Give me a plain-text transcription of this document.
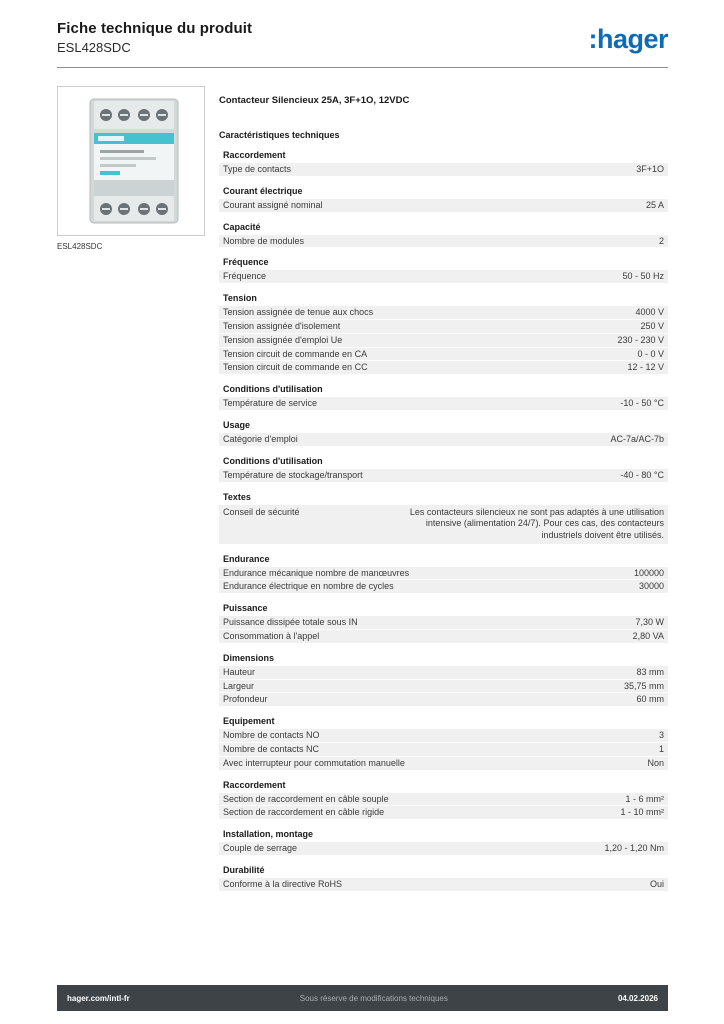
Fiche technique du produit
ESL428SDC	:hager
ESL428SDC
Contacteur Silencieux 25A, 3F+1O, 12VDC
Caractéristiques techniques
Raccordement
Type de contacts	3F+1O
Courant électrique
Courant assigné nominal	25 A
Capacité
Nombre de modules	2
Fréquence
Fréquence	50 - 50 Hz
Tension
Tension assignée de tenue aux chocs	4000 V
Tension assignée d'isolement	250 V
Tension assignée d'emploi Ue	230 - 230 V
Tension circuit de commande en CA	0 - 0 V
Tension circuit de commande en CC	12 - 12 V
Conditions d'utilisation
Température de service	-10 - 50 °C
Usage
Catégorie d'emploi	AC-7a/AC-7b
Conditions d'utilisation
Température de stockage/transport	-40 - 80 °C
Textes
Conseil de sécurité	Les contacteurs silencieux ne sont pas adaptés à une utilisation intensive (alimentation 24/7). Pour ces cas, des contacteurs industriels doivent être utilisés.
Endurance
Endurance mécanique nombre de manœuvres	100000
Endurance électrique en nombre de cycles	30000
Puissance
Puissance dissipée totale sous IN	7,30 W
Consommation à l'appel	2,80 VA
Dimensions
Hauteur	83 mm
Largeur	35,75 mm
Profondeur	60 mm
Equipement
Nombre de contacts NO	3
Nombre de contacts NC	1
Avec interrupteur pour commutation manuelle	Non
Raccordement
Section de raccordement en câble souple	1 - 6 mm²
Section de raccordement en câble rigide	1 - 10 mm²
Installation, montage
Couple de serrage	1,20 - 1,20 Nm
Durabilité
Conforme à la directive RoHS	Oui
hager.com/intl-fr	Sous réserve de modifications techniques	04.02.2026
